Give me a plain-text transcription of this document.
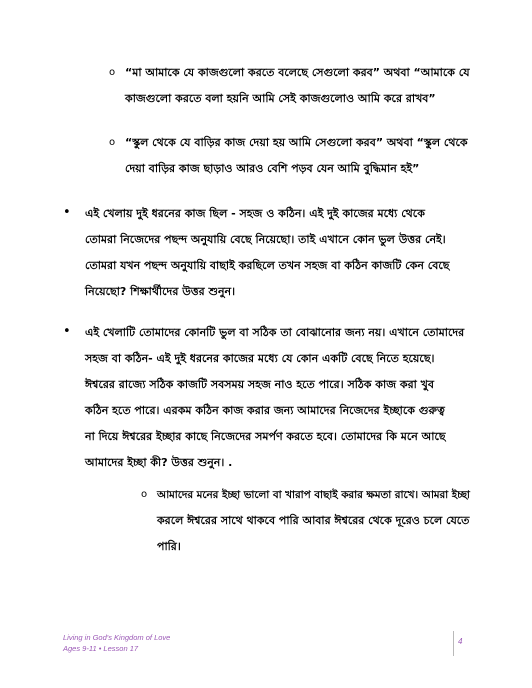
o “মা আমাকে যে কাজগুলো করতে বলেছে সেগুলো করব” অথবা “আমাকে যে
কাজগুলো করতে বলা হয়নি আমি সেই কাজগুলোও আমি করে রাখব”
o “স্কুল থেকে যে বাড়ির কাজ দেয়া হয় আমি সেগুলো করব” অথবা “স্কুল থেকে
দেয়া বাড়ির কাজ ছাড়াও আরও বেশি পড়ব যেন আমি বুদ্ধিমান হই”
• এই খেলায় দুই ধরনের কাজ ছিল - সহজ ও কঠিন। এই দুই কাজের মধ্যে থেকে
তোমরা নিজেদের পছন্দ অনুযায়ি বেছে নিয়েছো। তাই এখানে কোন ভুল উত্তর নেই।
তোমরা যখন পছন্দ অনুযায়ি বাছাই করছিলে তখন সহজ বা কঠিন কাজটি কেন বেছে
নিয়েছো? শিক্ষার্থীদের উত্তর শুনুন।
• এই খেলাটি তোমাদের কোনটি ভুল বা সঠিক তা বোঝানোর জন্য নয়। এখানে তোমাদের
সহজ বা কঠিন- এই দুই ধরনের কাজের মধ্যে যে কোন একটি বেছে নিতে হয়েছে।
ঈশ্বরের রাজ্যে সঠিক কাজটি সবসময় সহজ নাও হতে পারে। সঠিক কাজ করা খুব
কঠিন হতে পারে। এরকম কঠিন কাজ করার জন্য আমাদের নিজেদের ইচ্ছাকে গুরুত্ব
না দিয়ে ঈশ্বরের ইচ্ছার কাছে নিজেদের সমর্পণ করতে হবে। তোমাদের কি মনে আছে
আমাদের ইচ্ছা কী? উত্তর শুনুন। .
o আমাদের মনের ইচ্ছা ভালো বা খারাপ বাছাই করার ক্ষমতা রাখে। আমরা ইচ্ছা
করলে ঈশ্বরের সাথে থাকবে পারি আবার ঈশ্বরের থেকে দূরেও চলে যেতে
পারি।
Living in God's Kingdom of Love
Ages 9-11 • Lesson 17
4
